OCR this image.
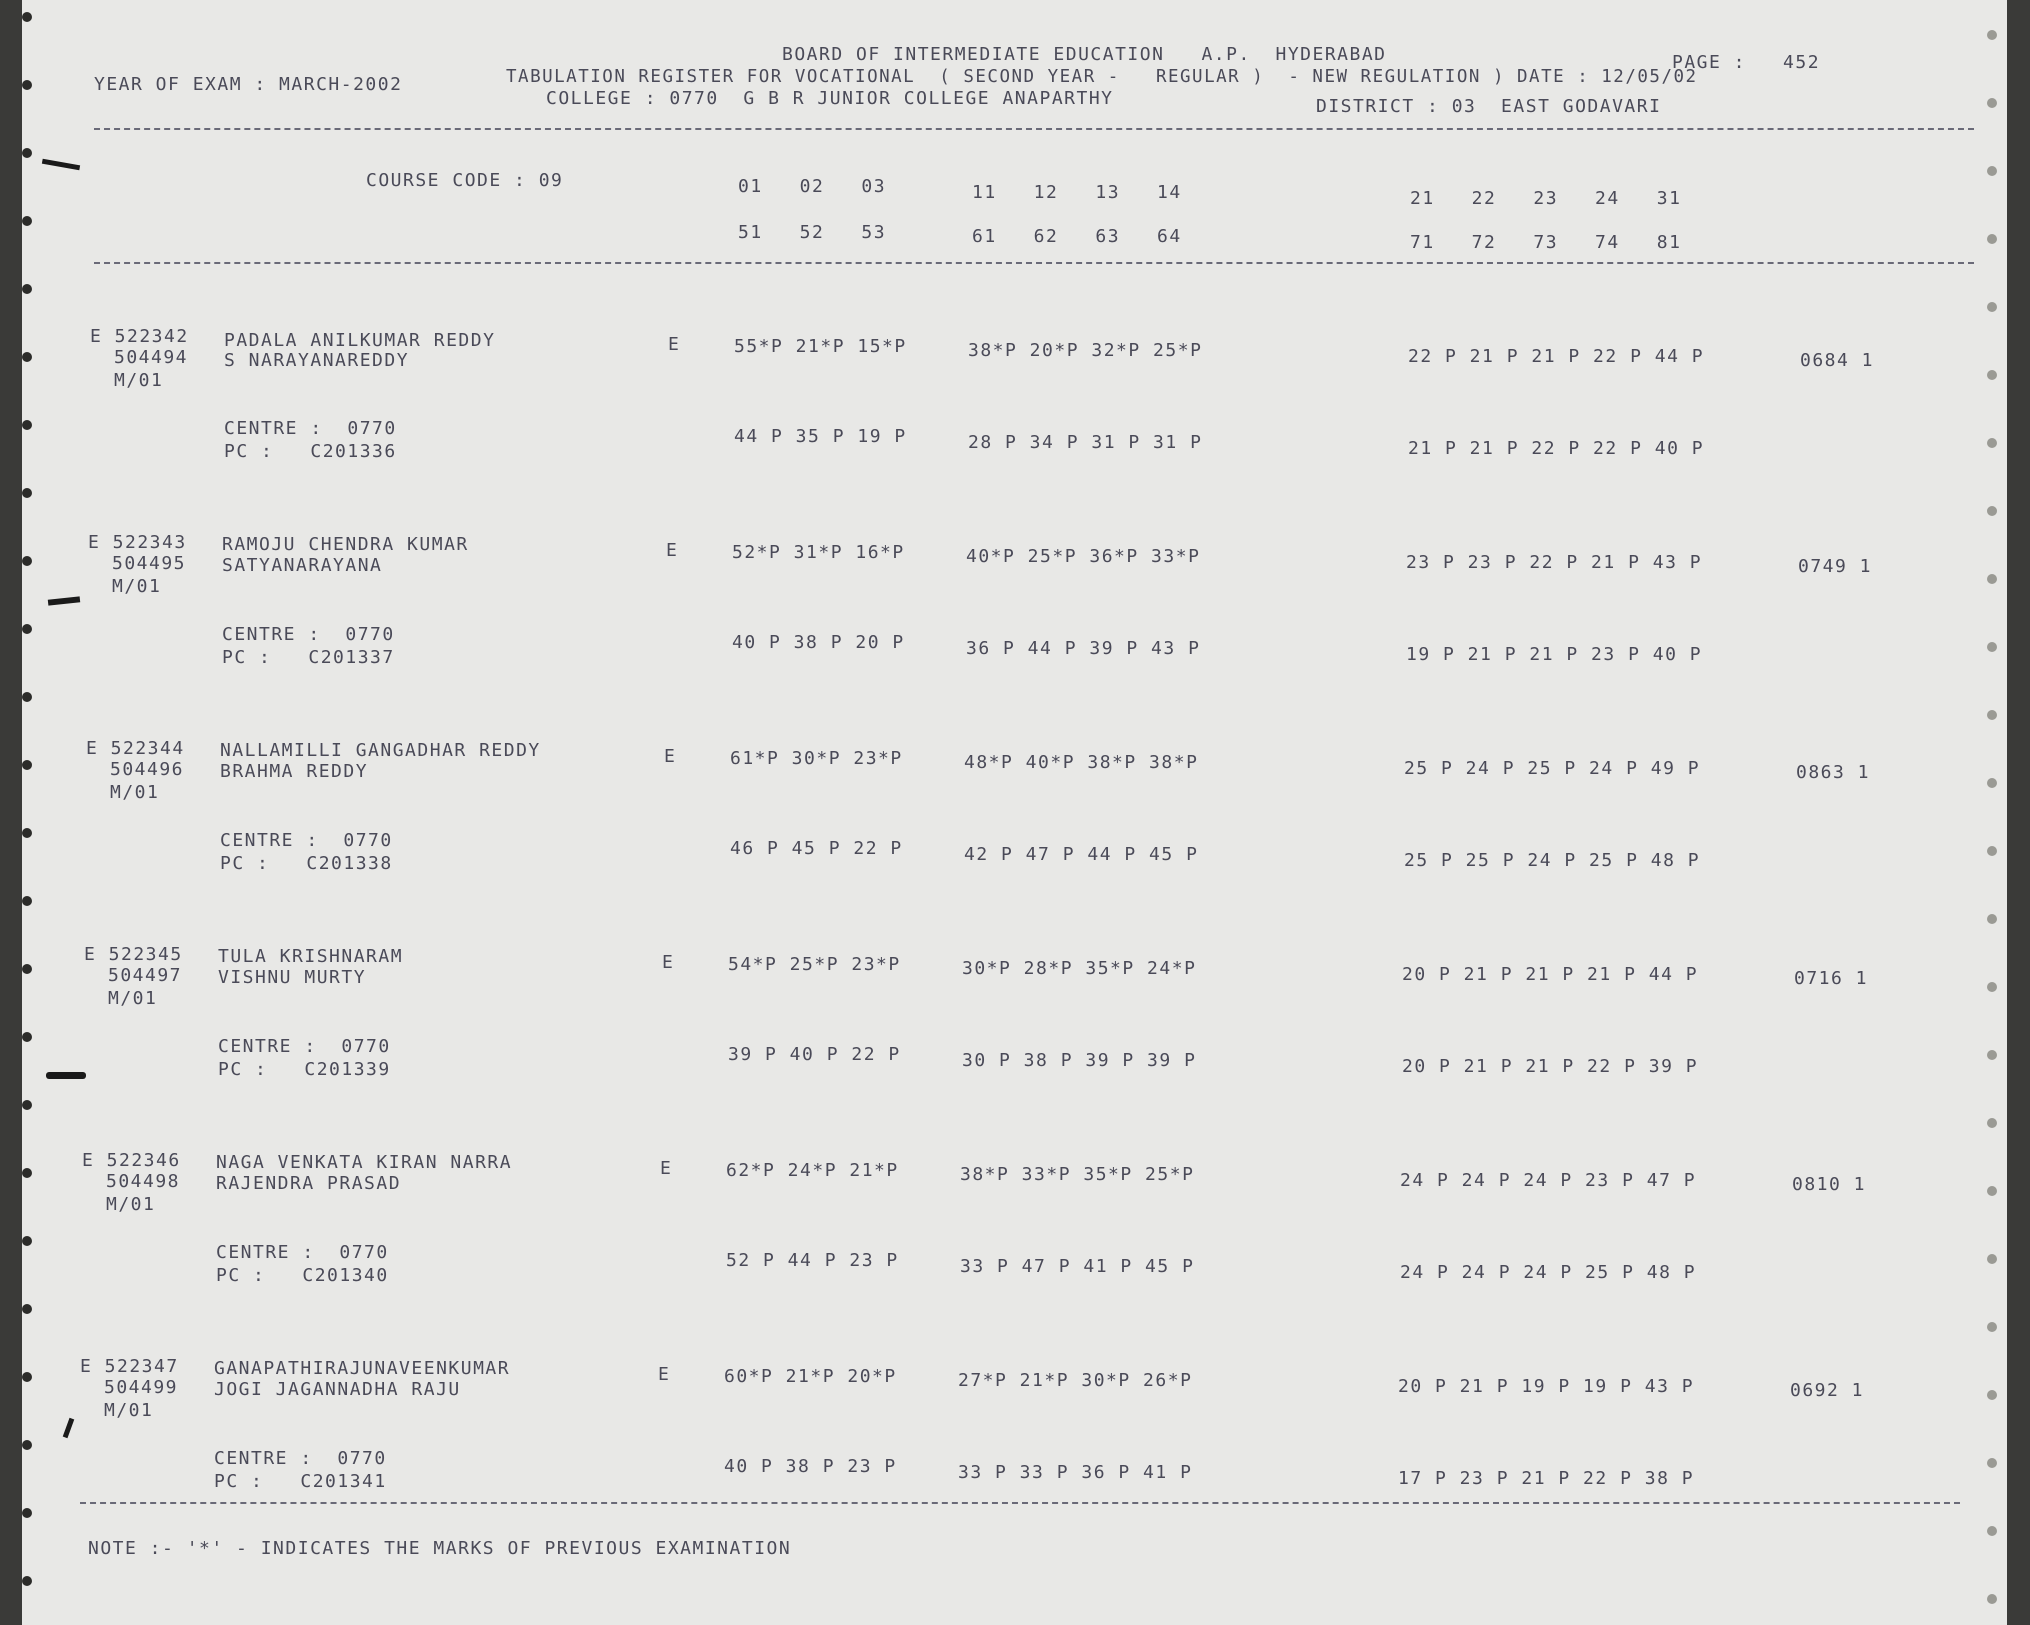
YEAR OF EXAM : MARCH-2002
BOARD OF INTERMEDIATE EDUCATION   A.P.  HYDERABAD
TABULATION REGISTER FOR VOCATIONAL  ( SECOND YEAR -   REGULAR )  - NEW REGULATION ) DATE : 12/05/02
COLLEGE : 0770  G B R JUNIOR COLLEGE ANAPARTHY	DISTRICT : 03  EAST GODAVARI
PAGE :   452
COURSE CODE : 09	01   02   03	11   12   13   14	21   22   23   24   31
51   52   53	61   62   63   64	71   72   73   74   81
E 522342
504494
M/01
PADALA ANILKUMAR REDDY
S NARAYANAREDDY
E	55*P 21*P 15*P	38*P 20*P 32*P 25*P	22 P 21 P 21 P 22 P 44 P	0684 1
CENTRE :  0770
PC :   C201336
44 P 35 P 19 P	28 P 34 P 31 P 31 P	21 P 21 P 22 P 22 P 40 P
E 522343
504495
M/01
RAMOJU CHENDRA KUMAR
SATYANARAYANA
E	52*P 31*P 16*P	40*P 25*P 36*P 33*P	23 P 23 P 22 P 21 P 43 P	0749 1
CENTRE :  0770
PC :   C201337
40 P 38 P 20 P	36 P 44 P 39 P 43 P	19 P 21 P 21 P 23 P 40 P
E 522344
504496
M/01
NALLAMILLI GANGADHAR REDDY
BRAHMA REDDY
E	61*P 30*P 23*P	48*P 40*P 38*P 38*P	25 P 24 P 25 P 24 P 49 P	0863 1
CENTRE :  0770
PC :   C201338
46 P 45 P 22 P	42 P 47 P 44 P 45 P	25 P 25 P 24 P 25 P 48 P
E 522345
504497
M/01
TULA KRISHNARAM
VISHNU MURTY
E	54*P 25*P 23*P	30*P 28*P 35*P 24*P	20 P 21 P 21 P 21 P 44 P	0716 1
CENTRE :  0770
PC :   C201339
39 P 40 P 22 P	30 P 38 P 39 P 39 P	20 P 21 P 21 P 22 P 39 P
E 522346
504498
M/01
NAGA VENKATA KIRAN NARRA
RAJENDRA PRASAD
E	62*P 24*P 21*P	38*P 33*P 35*P 25*P	24 P 24 P 24 P 23 P 47 P	0810 1
CENTRE :  0770
PC :   C201340
52 P 44 P 23 P	33 P 47 P 41 P 45 P	24 P 24 P 24 P 25 P 48 P
E 522347
504499
M/01
GANAPATHIRAJUNAVEENKUMAR
JOGI JAGANNADHA RAJU
E	60*P 21*P 20*P	27*P 21*P 30*P 26*P	20 P 21 P 19 P 19 P 43 P	0692 1
CENTRE :  0770
PC :   C201341
40 P 38 P 23 P	33 P 33 P 36 P 41 P	17 P 23 P 21 P 22 P 38 P
NOTE :- '*' - INDICATES THE MARKS OF PREVIOUS EXAMINATION
